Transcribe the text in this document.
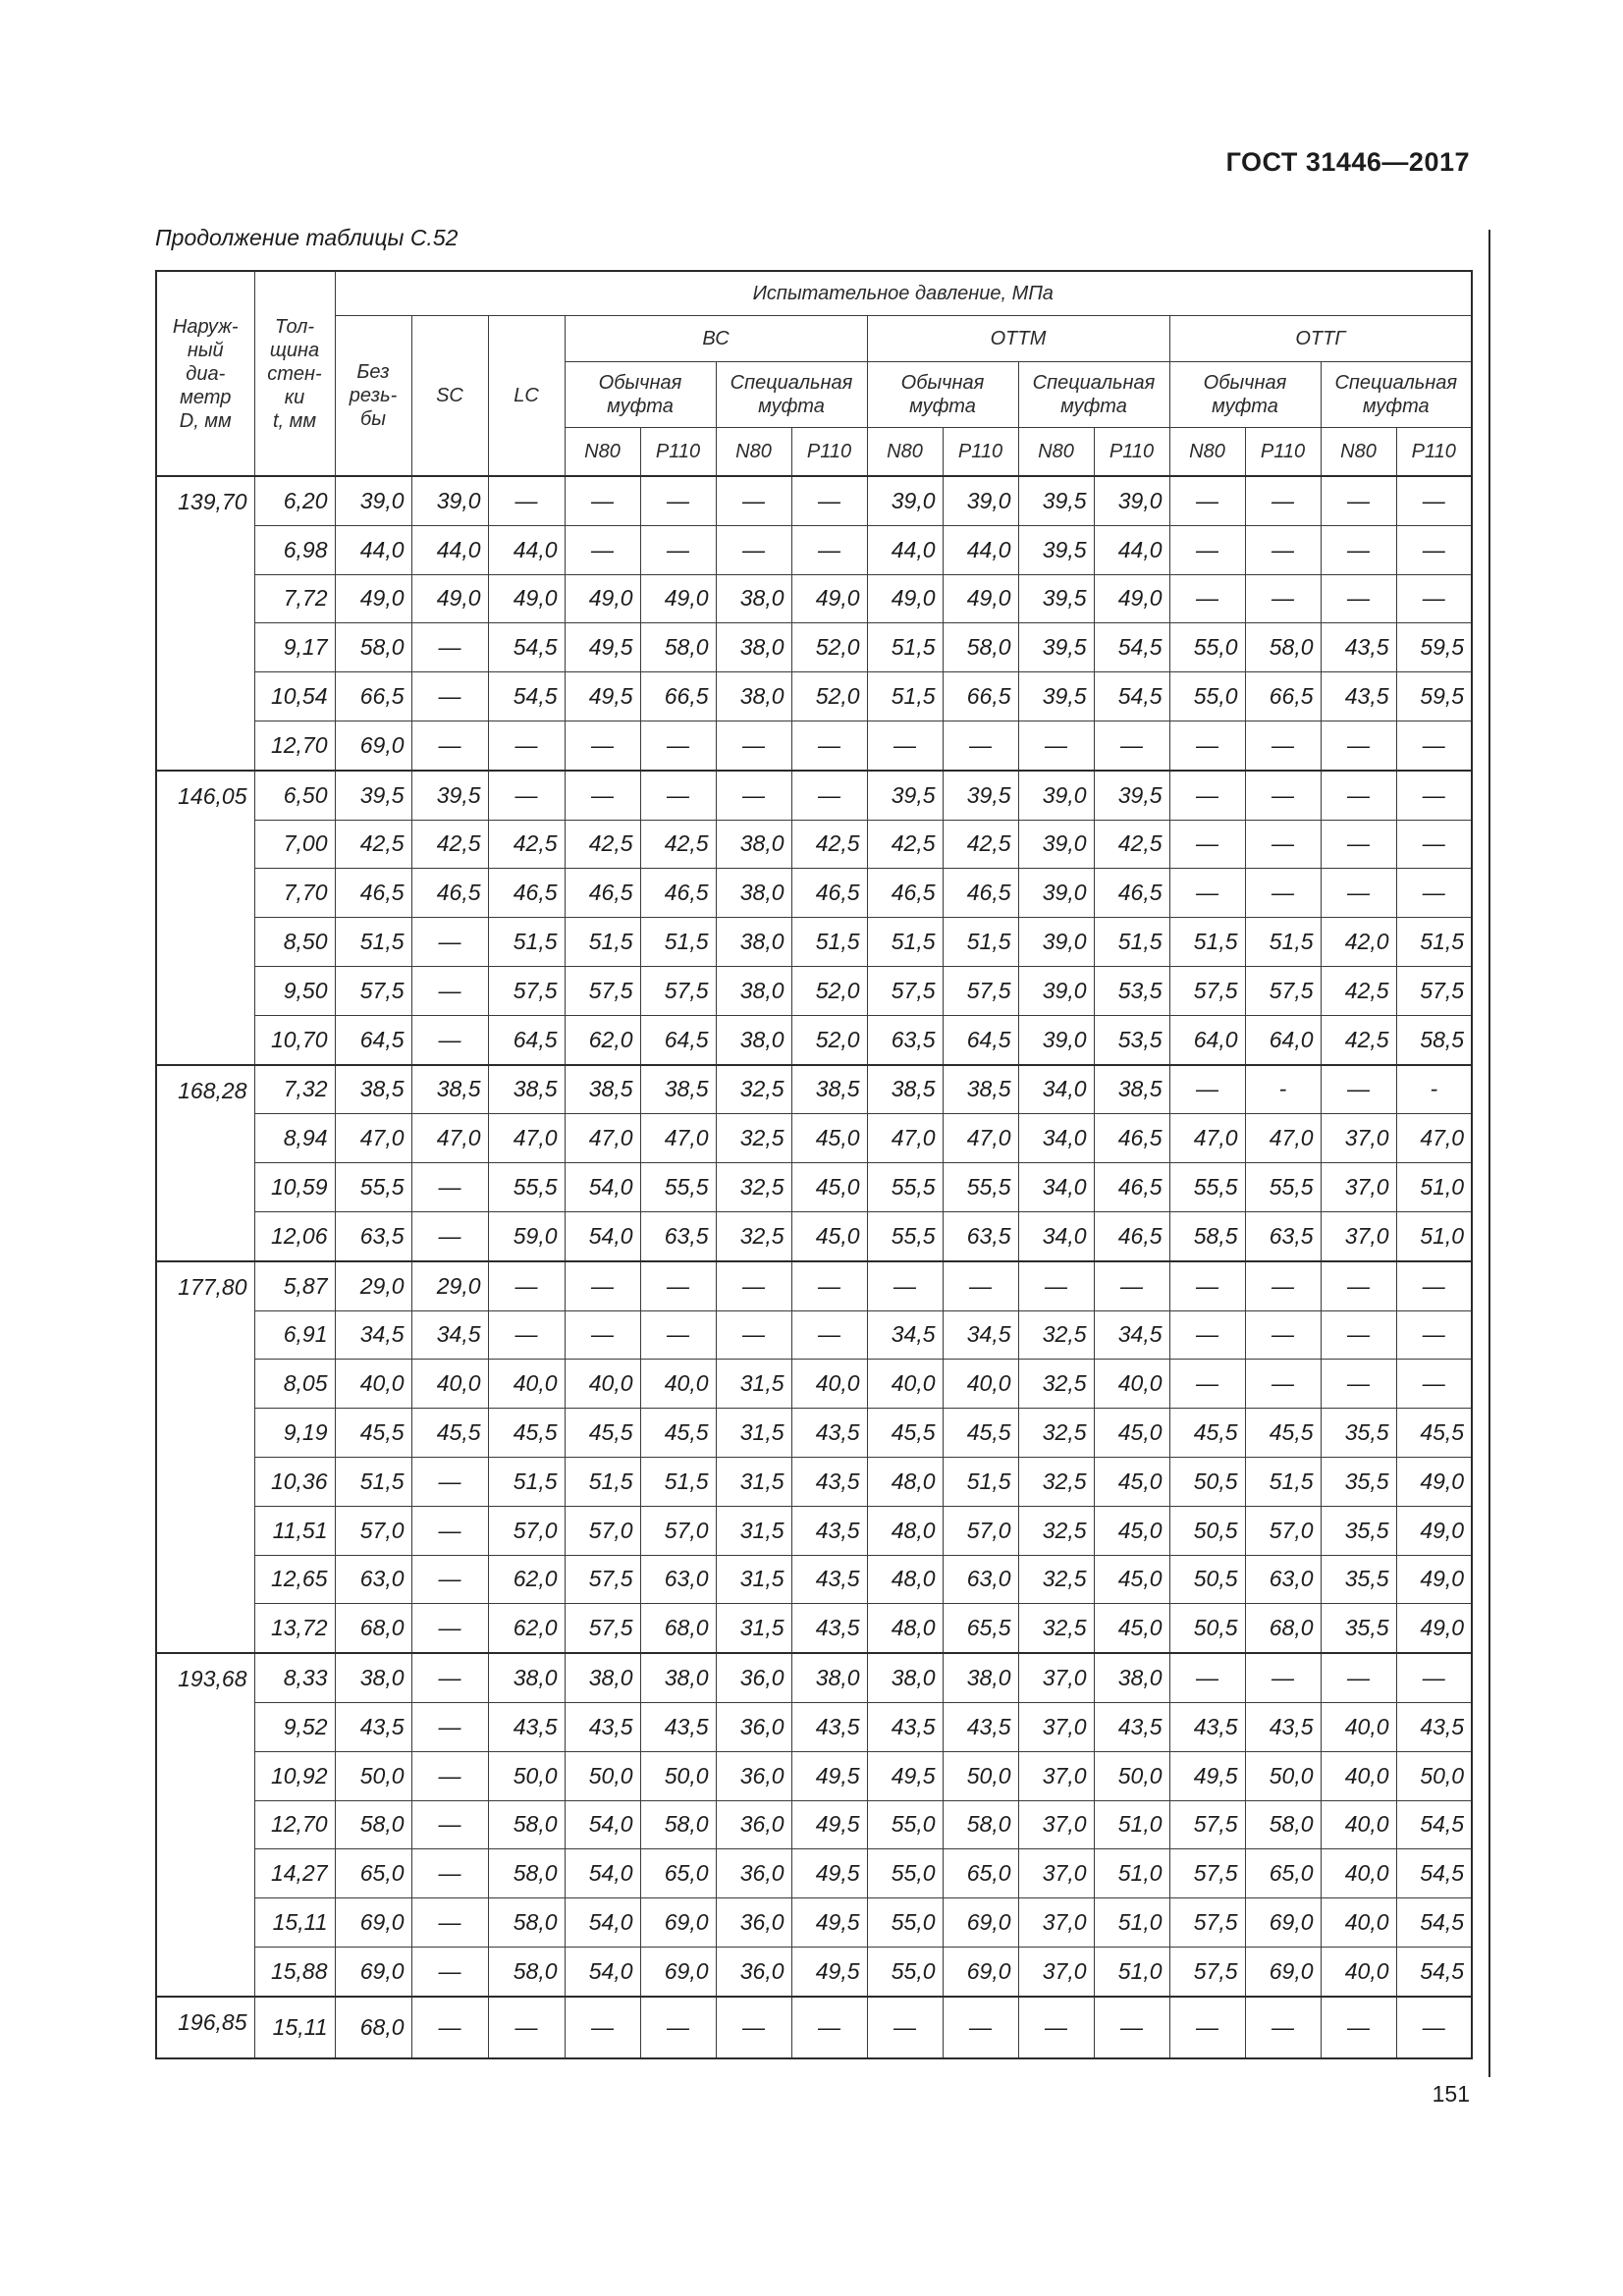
ГОСТ 31446—2017
Продолжение таблицы С.52
Наруж-
ный
диа-
метр
D, мм	Тол-
щина
стен-
ки
t, мм	Испытательное давление, МПа														

		Без
резь-
бы	SC	LC	ВС				ОТТМ				ОТТГ			

					Обычная
муфта		Специальная
муфта		Обычная
муфта		Специальная
муфта		Обычная
муфта		Специальная
муфта	

					N80	P110	N80	P110	N80	P110	N80	P110	N80	P110	N80	P110
139,70	6,20	39,0	39,0	—	—	—	—	—	39,0	39,0	39,5	39,0	—	—	—	—
	6,98	44,0	44,0	44,0	—	—	—	—	44,0	44,0	39,5	44,0	—	—	—	—
	7,72	49,0	49,0	49,0	49,0	49,0	38,0	49,0	49,0	49,0	39,5	49,0	—	—	—	—
	9,17	58,0	—	54,5	49,5	58,0	38,0	52,0	51,5	58,0	39,5	54,5	55,0	58,0	43,5	59,5
	10,54	66,5	—	54,5	49,5	66,5	38,0	52,0	51,5	66,5	39,5	54,5	55,0	66,5	43,5	59,5
	12,70	69,0	—	—	—	—	—	—	—	—	—	—	—	—	—	—
146,05	6,50	39,5	39,5	—	—	—	—	—	39,5	39,5	39,0	39,5	—	—	—	—
	7,00	42,5	42,5	42,5	42,5	42,5	38,0	42,5	42,5	42,5	39,0	42,5	—	—	—	—
	7,70	46,5	46,5	46,5	46,5	46,5	38,0	46,5	46,5	46,5	39,0	46,5	—	—	—	—
	8,50	51,5	—	51,5	51,5	51,5	38,0	51,5	51,5	51,5	39,0	51,5	51,5	51,5	42,0	51,5
	9,50	57,5	—	57,5	57,5	57,5	38,0	52,0	57,5	57,5	39,0	53,5	57,5	57,5	42,5	57,5
	10,70	64,5	—	64,5	62,0	64,5	38,0	52,0	63,5	64,5	39,0	53,5	64,0	64,0	42,5	58,5
168,28	7,32	38,5	38,5	38,5	38,5	38,5	32,5	38,5	38,5	38,5	34,0	38,5	—	-	—	-
	8,94	47,0	47,0	47,0	47,0	47,0	32,5	45,0	47,0	47,0	34,0	46,5	47,0	47,0	37,0	47,0
	10,59	55,5	—	55,5	54,0	55,5	32,5	45,0	55,5	55,5	34,0	46,5	55,5	55,5	37,0	51,0
	12,06	63,5	—	59,0	54,0	63,5	32,5	45,0	55,5	63,5	34,0	46,5	58,5	63,5	37,0	51,0
177,80	5,87	29,0	29,0	—	—	—	—	—	—	—	—	—	—	—	—	—
	6,91	34,5	34,5	—	—	—	—	—	34,5	34,5	32,5	34,5	—	—	—	—
	8,05	40,0	40,0	40,0	40,0	40,0	31,5	40,0	40,0	40,0	32,5	40,0	—	—	—	—
	9,19	45,5	45,5	45,5	45,5	45,5	31,5	43,5	45,5	45,5	32,5	45,0	45,5	45,5	35,5	45,5
	10,36	51,5	—	51,5	51,5	51,5	31,5	43,5	48,0	51,5	32,5	45,0	50,5	51,5	35,5	49,0
	11,51	57,0	—	57,0	57,0	57,0	31,5	43,5	48,0	57,0	32,5	45,0	50,5	57,0	35,5	49,0
	12,65	63,0	—	62,0	57,5	63,0	31,5	43,5	48,0	63,0	32,5	45,0	50,5	63,0	35,5	49,0
	13,72	68,0	—	62,0	57,5	68,0	31,5	43,5	48,0	65,5	32,5	45,0	50,5	68,0	35,5	49,0
193,68	8,33	38,0	—	38,0	38,0	38,0	36,0	38,0	38,0	38,0	37,0	38,0	—	—	—	—
	9,52	43,5	—	43,5	43,5	43,5	36,0	43,5	43,5	43,5	37,0	43,5	43,5	43,5	40,0	43,5
	10,92	50,0	—	50,0	50,0	50,0	36,0	49,5	49,5	50,0	37,0	50,0	49,5	50,0	40,0	50,0
	12,70	58,0	—	58,0	54,0	58,0	36,0	49,5	55,0	58,0	37,0	51,0	57,5	58,0	40,0	54,5
	14,27	65,0	—	58,0	54,0	65,0	36,0	49,5	55,0	65,0	37,0	51,0	57,5	65,0	40,0	54,5
	15,11	69,0	—	58,0	54,0	69,0	36,0	49,5	55,0	69,0	37,0	51,0	57,5	69,0	40,0	54,5
	15,88	69,0	—	58,0	54,0	69,0	36,0	49,5	55,0	69,0	37,0	51,0	57,5	69,0	40,0	54,5
196,85	15,11	68,0	—	—	—	—	—	—	—	—	—	—	—	—	—	—
151
